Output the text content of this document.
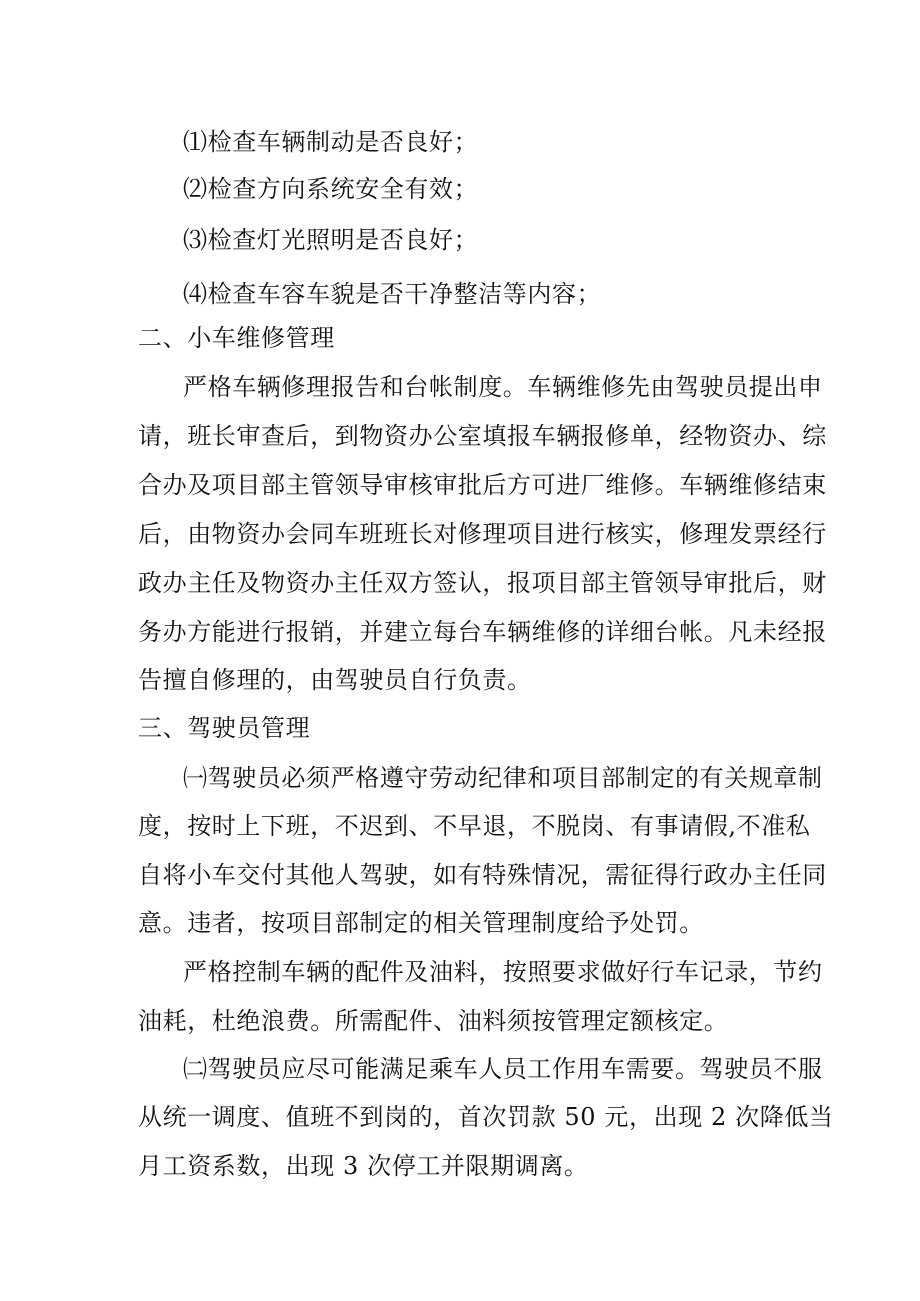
⑴检查车辆制动是否良好；
⑵检查方向系统安全有效；
⑶检查灯光照明是否良好；
⑷检查车容车貌是否干净整洁等内容；
二、小车维修管理
严格车辆修理报告和台帐制度。车辆维修先由驾驶员提出申
请，班长审查后，到物资办公室填报车辆报修单，经物资办、综
合办及项目部主管领导审核审批后方可进厂维修。车辆维修结束
后，由物资办会同车班班长对修理项目进行核实，修理发票经行
政办主任及物资办主任双方签认，报项目部主管领导审批后，财
务办方能进行报销，并建立每台车辆维修的详细台帐。凡未经报
告擅自修理的，由驾驶员自行负责。
三、驾驶员管理
㈠驾驶员必须严格遵守劳动纪律和项目部制定的有关规章制
度，按时上下班，不迟到、不早退，不脱岗、有事请假,不准私
自将小车交付其他人驾驶，如有特殊情况，需征得行政办主任同
意。违者，按项目部制定的相关管理制度给予处罚。
严格控制车辆的配件及油料，按照要求做好行车记录，节约
油耗，杜绝浪费。所需配件、油料须按管理定额核定。
㈡驾驶员应尽可能满足乘车人员工作用车需要。驾驶员不服
从统一调度、值班不到岗的，首次罚款 50 元，出现 2 次降低当
月工资系数，出现 3 次停工并限期调离。
